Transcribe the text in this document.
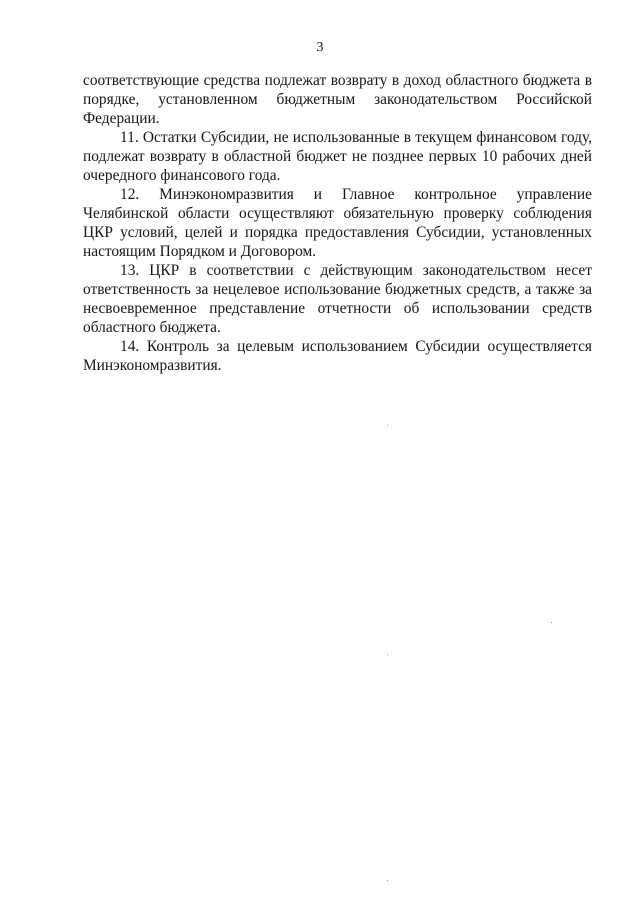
3

соответствующие средства подлежат возврату в доход областного бюджета в порядке, установленном бюджетным законодательством Российской Федерации.

11. Остатки Субсидии, не использованные в текущем финансовом году, подлежат возврату в областной бюджет не позднее первых 10 рабочих дней очередного финансового года.

12. Минэкономразвития и Главное контрольное управление Челябинской области осуществляют обязательную проверку соблюдения ЦКР условий, целей и порядка предоставления Субсидии, установленных настоящим Порядком и Договором.

13. ЦКР в соответствии с действующим законодательством несет ответственность за нецелевое использование бюджетных средств, а также за несвоевременное представление отчетности об использовании средств областного бюджета.

14. Контроль за целевым использованием Субсидии осуществляется Минэкономразвития.
